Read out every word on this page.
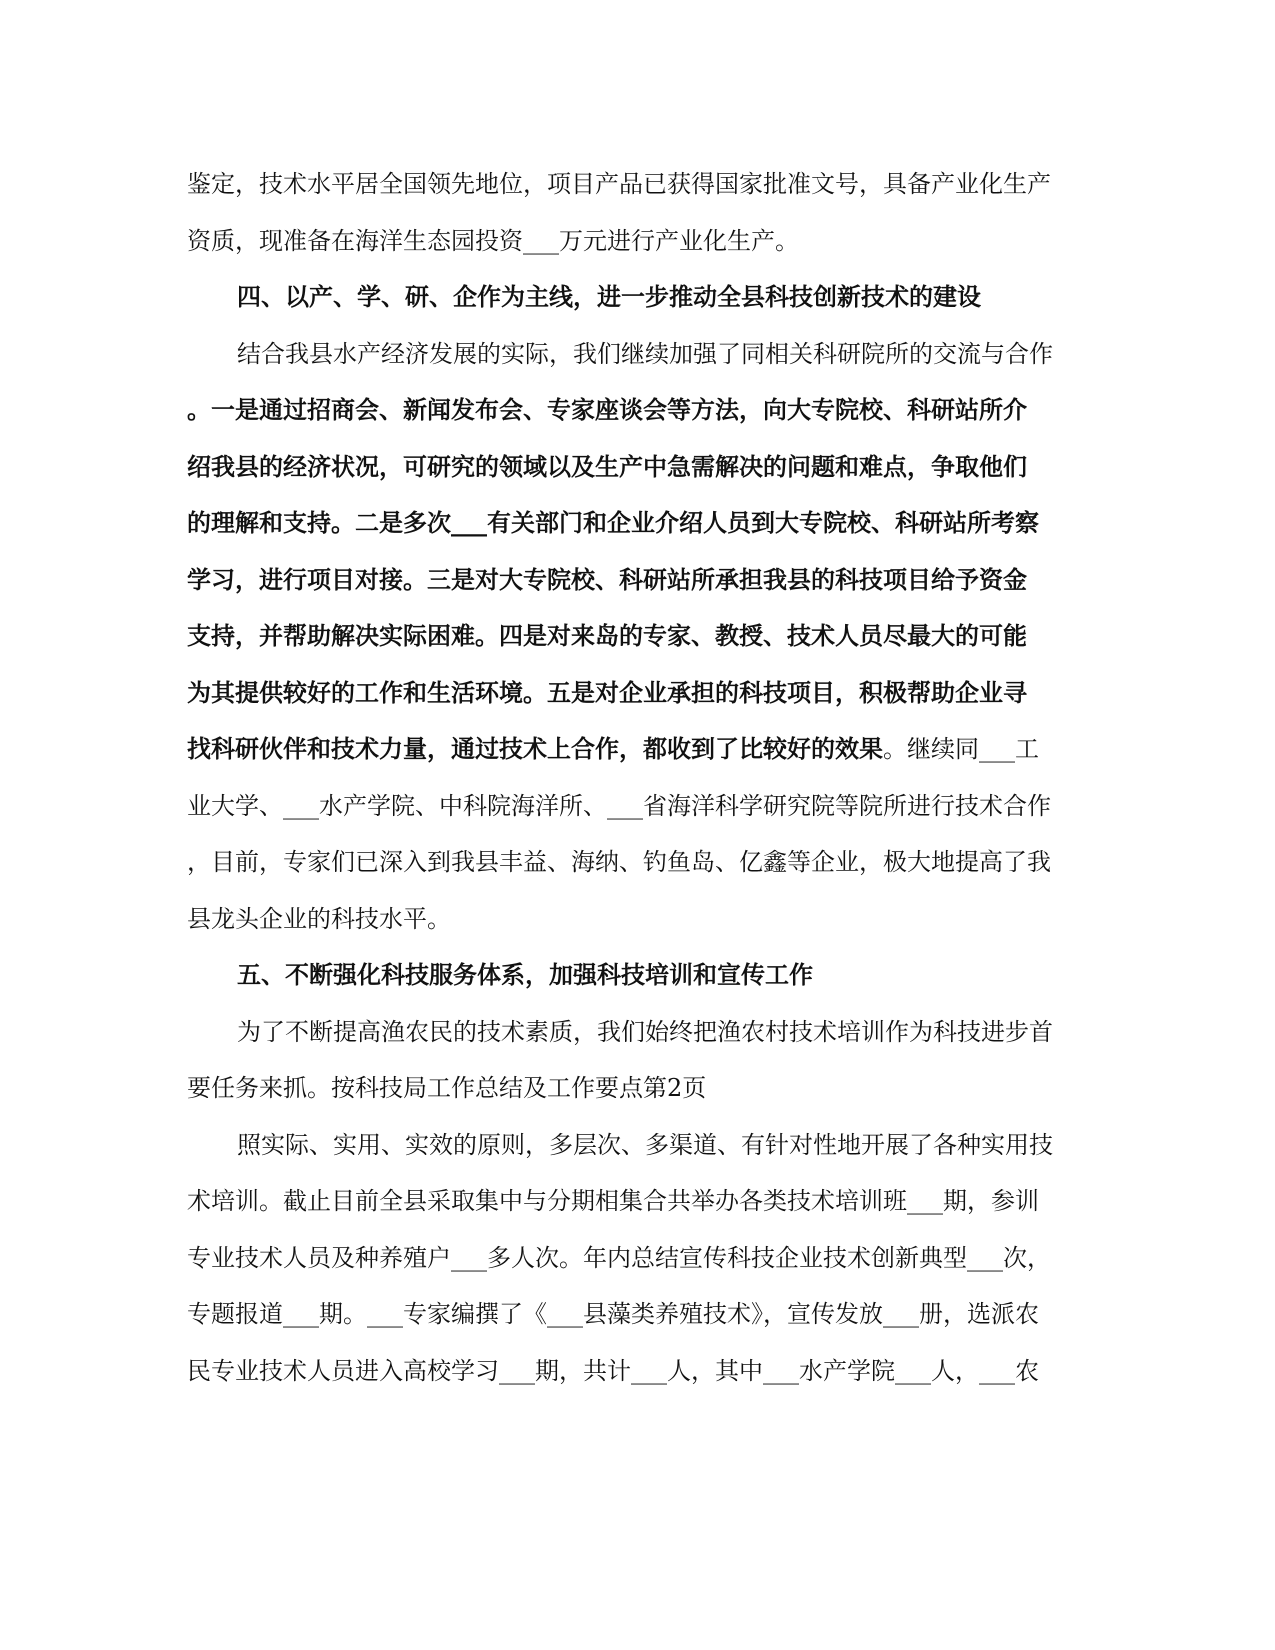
鉴定，技术水平居全国领先地位，项目产品已获得国家批准文号，具备产业化生产
资质，现准备在海洋生态园投资___万元进行产业化生产。
四、以产、学、研、企作为主线，进一步推动全县科技创新技术的建设
结合我县水产经济发展的实际，我们继续加强了同相关科研院所的交流与合作
。一是通过招商会、新闻发布会、专家座谈会等方法，向大专院校、科研站所介
绍我县的经济状况，可研究的领域以及生产中急需解决的问题和难点，争取他们
的理解和支持。二是多次___有关部门和企业介绍人员到大专院校、科研站所考察
学习，进行项目对接。三是对大专院校、科研站所承担我县的科技项目给予资金
支持，并帮助解决实际困难。四是对来岛的专家、教授、技术人员尽最大的可能
为其提供较好的工作和生活环境。五是对企业承担的科技项目，积极帮助企业寻
找科研伙伴和技术力量，通过技术上合作，都收到了比较好的效果。继续同___工
业大学、___水产学院、中科院海洋所、___省海洋科学研究院等院所进行技术合作
，目前，专家们已深入到我县丰益、海纳、钓鱼岛、亿鑫等企业，极大地提高了我
县龙头企业的科技水平。
五、不断强化科技服务体系，加强科技培训和宣传工作
为了不断提高渔农民的技术素质，我们始终把渔农村技术培训作为科技进步首
要任务来抓。按科技局工作总结及工作要点第2页
照实际、实用、实效的原则，多层次、多渠道、有针对性地开展了各种实用技
术培训。截止目前全县采取集中与分期相集合共举办各类技术培训班___期，参训
专业技术人员及种养殖户___多人次。年内总结宣传科技企业技术创新典型___次，
专题报道___期。___专家编撰了《___县藻类养殖技术》，宣传发放___册，选派农
民专业技术人员进入高校学习___期，共计___人，其中___水产学院___人，___农
